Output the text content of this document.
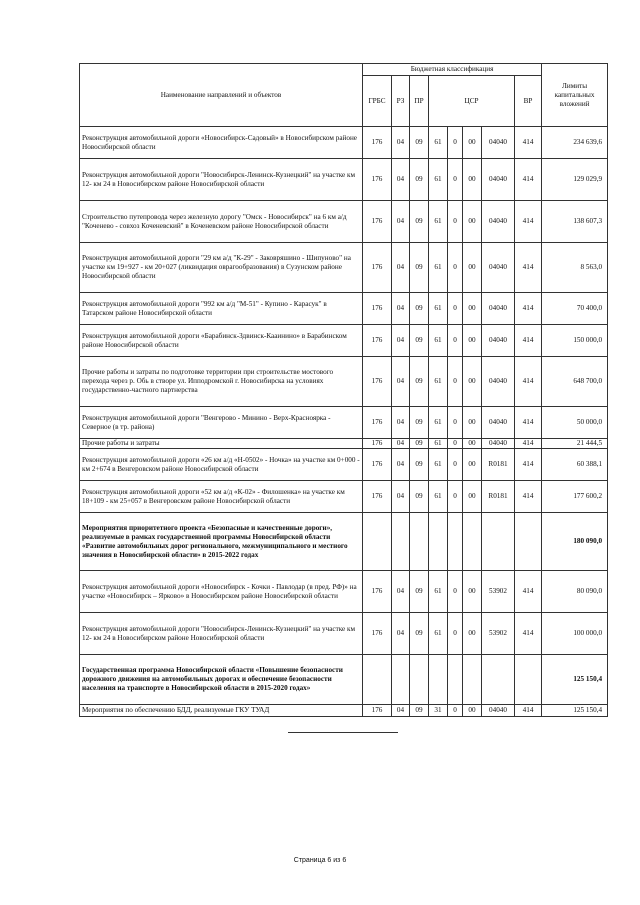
Наименование направлений и объектов	Бюджетная классификация								Лимиты капитальных вложений
	ГРБС	РЗ	ПР	ЦСР				ВР	
Реконструкция автомобильной дороги «Новосибирск-Садовый» в Новосибирском районе Новосибирской области	176	04	09	61	0	00	04040	414	234 639,6
Реконструкция автомобильной дороги "Новосибирск-Ленинск-Кузнецкий" на участке км 12- км 24 в Новосибирском районе Новосибирской области	176	04	09	61	0	00	04040	414	129 029,9
Строительство путепровода через железную дорогу "Омск - Новосибирск" на 6 км а/д "Коченево - совхоз Коченевский" в Коченевском районе Новосибирской области	176	04	09	61	0	00	04040	414	138 607,3
Реконструкция автомобильной дороги "29 км а/д "К-29" - Заковряшино - Шипуново" на участке км 19+927 - км 20+027 (ликвидация оврагообразования) в Сузунском районе Новосибирской области	176	04	09	61	0	00	04040	414	8 563,0
Реконструкция автомобильной дороги "992 км а/д "М-51" - Купино - Карасук" в Татарском районе Новосибирской области	176	04	09	61	0	00	04040	414	70 400,0
Реконструкция автомобильной дороги «Барабинск-Здвинск-Кааинино» в Барабинском районе Новосибирской области	176	04	09	61	0	00	04040	414	150 000,0
Прочие работы и затраты по подготовке территории при строительстве мостового перехода через р. Обь в створе ул. Ипподромской г. Новосибирска на условиях государственно-частного партнерства	176	04	09	61	0	00	04040	414	648 700,0
Реконструкция автомобильной дороги "Венгерово - Минино - Верх-Красноярка - Северное (в тр. района)	176	04	09	61	0	00	04040	414	50 000,0
Прочие работы и затраты	176	04	09	61	0	00	04040	414	21 444,5
Реконструкция автомобильной дороги «26 км а/д «Н-0502» - Ночка» на участке км 0+000 - км 2+674 в Венгеровском районе Новосибирской области	176	04	09	61	0	00	R0181	414	60 388,1
Реконструкция автомобильной дороги «52 км а/д «К-02» - Филошенка» на участке км 18+109 - км 25+057 в Венгеровском районе Новосибирской области	176	04	09	61	0	00	R0181	414	177 600,2
Мероприятия приоритетного проекта «Безопасные и качественные дороги», реализуемые в рамках государственной программы Новосибирской области «Развитие автомобильных дорог регионального, межмуниципального и местного значения в Новосибирской области» в 2015-2022 годах									180 090,0
Реконструкция автомобильной дороги «Новосибирск - Кочки - Павлодар (в пред. РФ)» на участке «Новосибирск – Ярково» в Новосибирском районе Новосибирской области	176	04	09	61	0	00	53902	414	80 090,0
Реконструкция автомобильной дороги "Новосибирск-Ленинск-Кузнецкий" на участке км 12- км 24 в Новосибирском районе Новосибирской области	176	04	09	61	0	00	53902	414	100 000,0
Государственная программа Новосибирской области «Повышение безопасности дорожного движения на автомобильных дорогах и обеспечение безопасности населения на транспорте в Новосибирской области в 2015-2020 годах»									125 150,4
Мероприятия по обеспечению БДД, реализуемые ГКУ ТУАД	176	04	09	31	0	00	04040	414	125 150,4
Страница 6 из 6
